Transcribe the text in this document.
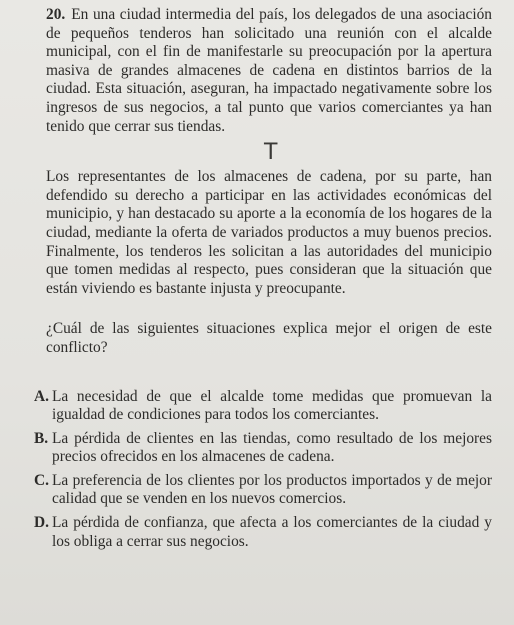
20. En una ciudad intermedia del país, los delegados de una asociación de pequeños tenderos han solicitado una reunión con el alcalde municipal, con el fin de manifestarle su preocupación por la apertura masiva de grandes almacenes de cadena en distintos barrios de la ciudad. Esta situación, aseguran, ha impactado negativamente sobre los ingresos de sus negocios, a tal punto que varios comerciantes ya han tenido que cerrar sus tiendas.

T

Los representantes de los almacenes de cadena, por su parte, han defendido su derecho a participar en las actividades económicas del municipio, y han destacado su aporte a la economía de los hogares de la ciudad, mediante la oferta de variados productos a muy buenos precios. Finalmente, los tenderos les solicitan a las autoridades del municipio que tomen medidas al respecto, pues consideran que la situación que están viviendo es bastante injusta y preocupante.

¿Cuál de las siguientes situaciones explica mejor el origen de este conflicto?

A. La necesidad de que el alcalde tome medidas que promuevan la igualdad de condiciones para todos los comerciantes.
B. La pérdida de clientes en las tiendas, como resultado de los mejores precios ofrecidos en los almacenes de cadena.
C. La preferencia de los clientes por los productos importados y de mejor calidad que se venden en los nuevos comercios.
D. La pérdida de confianza, que afecta a los comerciantes de la ciudad y los obliga a cerrar sus negocios.
